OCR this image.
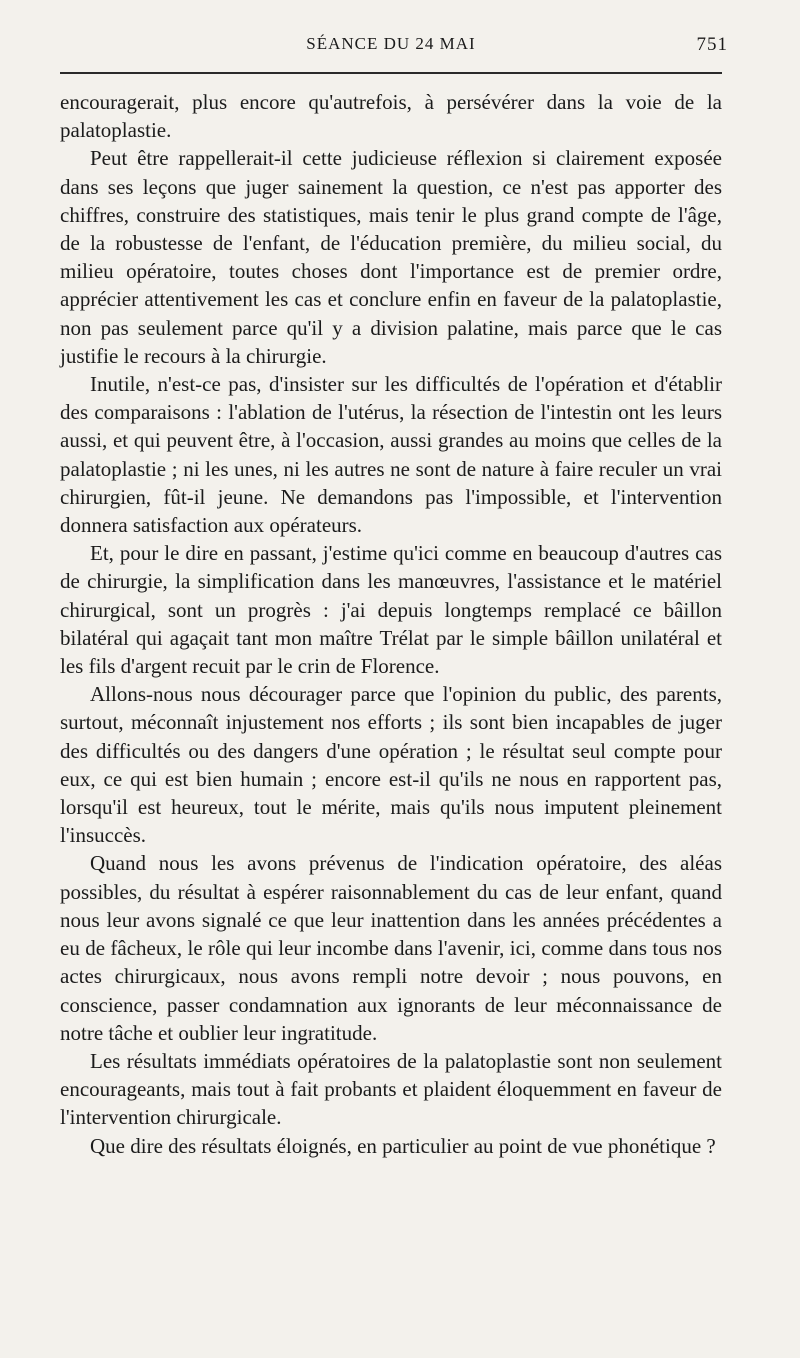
SÉANCE DU 24 MAI	751

encouragerait, plus encore qu'autrefois, à persévérer dans la voie de la palatoplastie.

Peut être rappellerait-il cette judicieuse réflexion si clairement exposée dans ses leçons que juger sainement la question, ce n'est pas apporter des chiffres, construire des statistiques, mais tenir le plus grand compte de l'âge, de la robustesse de l'enfant, de l'éducation première, du milieu social, du milieu opératoire, toutes choses dont l'importance est de premier ordre, apprécier attentivement les cas et conclure enfin en faveur de la palatoplastie, non pas seulement parce qu'il y a division palatine, mais parce que le cas justifie le recours à la chirurgie.

Inutile, n'est-ce pas, d'insister sur les difficultés de l'opération et d'établir des comparaisons : l'ablation de l'utérus, la résection de l'intestin ont les leurs aussi, et qui peuvent être, à l'occasion, aussi grandes au moins que celles de la palatoplastie ; ni les unes, ni les autres ne sont de nature à faire reculer un vrai chirurgien, fût-il jeune. Ne demandons pas l'impossible, et l'intervention donnera satisfaction aux opérateurs.

Et, pour le dire en passant, j'estime qu'ici comme en beaucoup d'autres cas de chirurgie, la simplification dans les manœuvres, l'assistance et le matériel chirurgical, sont un progrès : j'ai depuis longtemps remplacé ce bâillon bilatéral qui agaçait tant mon maître Trélat par le simple bâillon unilatéral et les fils d'argent recuit par le crin de Florence.

Allons-nous nous décourager parce que l'opinion du public, des parents, surtout, méconnaît injustement nos efforts ; ils sont bien incapables de juger des difficultés ou des dangers d'une opération ; le résultat seul compte pour eux, ce qui est bien humain ; encore est-il qu'ils ne nous en rapportent pas, lorsqu'il est heureux, tout le mérite, mais qu'ils nous imputent pleinement l'insuccès.

Quand nous les avons prévenus de l'indication opératoire, des aléas possibles, du résultat à espérer raisonnablement du cas de leur enfant, quand nous leur avons signalé ce que leur inattention dans les années précédentes a eu de fâcheux, le rôle qui leur incombe dans l'avenir, ici, comme dans tous nos actes chirurgicaux, nous avons rempli notre devoir ; nous pouvons, en conscience, passer condamnation aux ignorants de leur méconnaissance de notre tâche et oublier leur ingratitude.

Les résultats immédiats opératoires de la palatoplastie sont non seulement encourageants, mais tout à fait probants et plaident éloquemment en faveur de l'intervention chirurgicale.

Que dire des résultats éloignés, en particulier au point de vue phonétique ?
